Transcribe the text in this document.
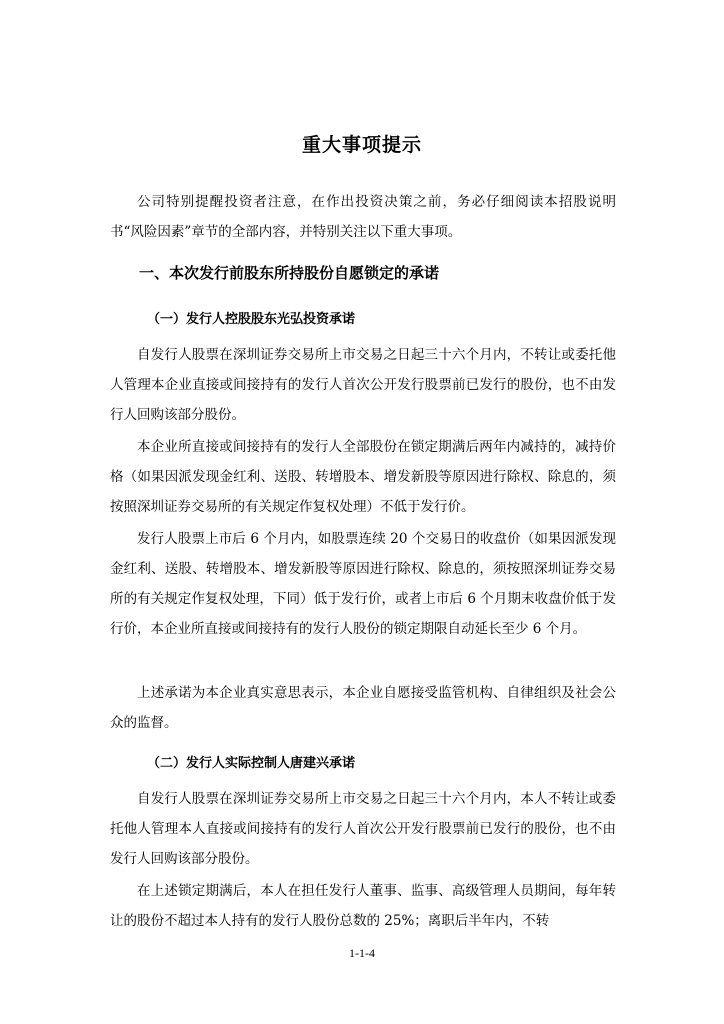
重大事项提示

公司特别提醒投资者注意，在作出投资决策之前，务必仔细阅读本招股说明书“风险因素”章节的全部内容，并特别关注以下重大事项。

一、本次发行前股东所持股份自愿锁定的承诺
（一）发行人控股股东光弘投资承诺

自发行人股票在深圳证券交易所上市交易之日起三十六个月内，不转让或委托他人管理本企业直接或间接持有的发行人首次公开发行股票前已发行的股份，也不由发行人回购该部分股份。

本企业所直接或间接持有的发行人全部股份在锁定期满后两年内减持的，减持价格（如果因派发现金红利、送股、转增股本、增发新股等原因进行除权、除息的，须按照深圳证券交易所的有关规定作复权处理）不低于发行价。

发行人股票上市后 6 个月内，如股票连续 20 个交易日的收盘价（如果因派发现金红利、送股、转增股本、增发新股等原因进行除权、除息的，须按照深圳证券交易所的有关规定作复权处理，下同）低于发行价，或者上市后 6 个月期末收盘价低于发行价，本企业所直接或间接持有的发行人股份的锁定期限自动延长至少 6 个月。

上述承诺为本企业真实意思表示，本企业自愿接受监管机构、自律组织及社会公众的监督。

（二）发行人实际控制人唐建兴承诺

自发行人股票在深圳证券交易所上市交易之日起三十六个月内，本人不转让或委托他人管理本人直接或间接持有的发行人首次公开发行股票前已发行的股份，也不由发行人回购该部分股份。

在上述锁定期满后，本人在担任发行人董事、监事、高级管理人员期间，每年转让的股份不超过本人持有的发行人股份总数的 25%；离职后半年内，不转

1-1-4
